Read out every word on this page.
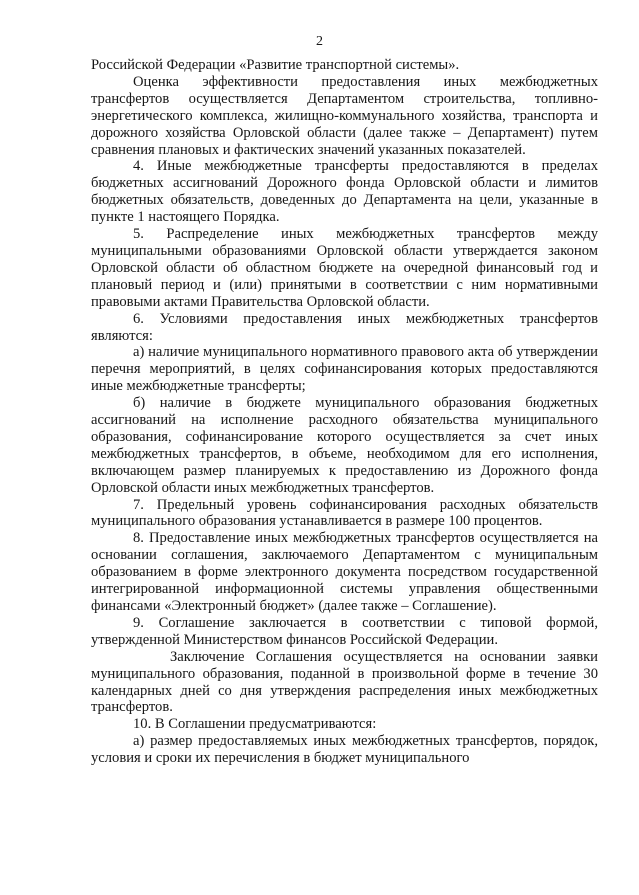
2

Российской Федерации «Развитие транспортной системы».

Оценка эффективности предоставления иных межбюджетных трансфертов осуществляется Департаментом строительства, топливно-энергетического комплекса, жилищно-коммунального хозяйства, транспорта и дорожного хозяйства Орловской области (далее также – Департамент) путем сравнения плановых и фактических значений указанных показателей.

4. Иные межбюджетные трансферты предоставляются в пределах бюджетных ассигнований Дорожного фонда Орловской области и лимитов бюджетных обязательств, доведенных до Департамента на цели, указанные в пункте 1 настоящего Порядка.

5. Распределение иных межбюджетных трансфертов между муниципальными образованиями Орловской области утверждается законом Орловской области об областном бюджете на очередной финансовый год и плановый период и (или) принятыми в соответствии с ним нормативными правовыми актами Правительства Орловской области.

6. Условиями предоставления иных межбюджетных трансфертов являются:

а) наличие муниципального нормативного правового акта об утверждении перечня мероприятий, в целях софинансирования которых предоставляются иные межбюджетные трансферты;

б) наличие в бюджете муниципального образования бюджетных ассигнований на исполнение расходного обязательства муниципального образования, софинансирование которого осуществляется за счет иных межбюджетных трансфертов, в объеме, необходимом для его исполнения, включающем размер планируемых к предоставлению из Дорожного фонда Орловской области иных межбюджетных трансфертов.

7. Предельный уровень софинансирования расходных обязательств муниципального образования устанавливается в размере 100 процентов.

8. Предоставление иных межбюджетных трансфертов осуществляется на основании соглашения, заключаемого Департаментом с муниципальным образованием в форме электронного документа посредством государственной интегрированной информационной системы управления общественными финансами «Электронный бюджет» (далее также – Соглашение).

9. Соглашение заключается в соответствии с типовой формой, утвержденной Министерством финансов Российской Федерации.

Заключение Соглашения осуществляется на основании заявки муниципального образования, поданной в произвольной форме в течение 30 календарных дней со дня утверждения распределения иных межбюджетных трансфертов.

10. В Соглашении предусматриваются:

а) размер предоставляемых иных межбюджетных трансфертов, порядок, условия и сроки их перечисления в бюджет муниципального
